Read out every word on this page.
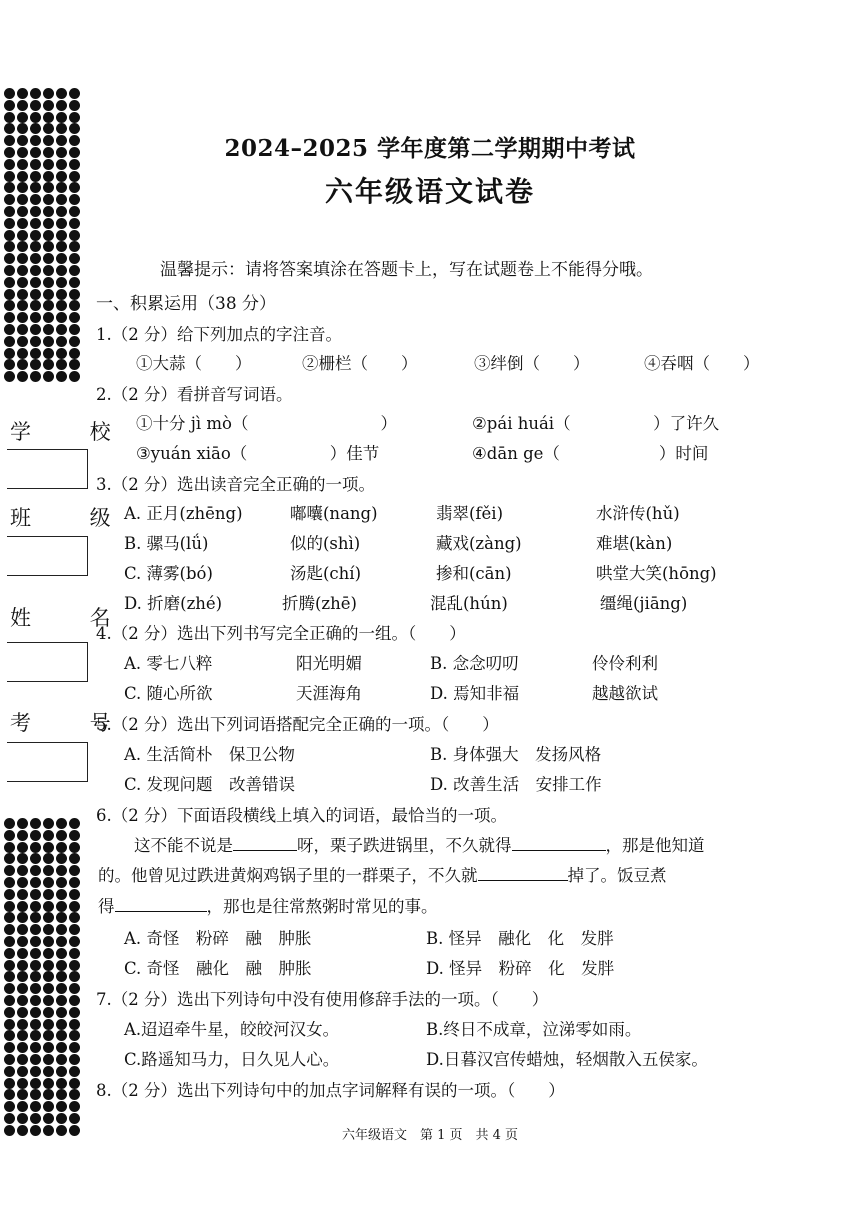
学 校
班 级
姓 名
考 号
2024–2025 学年度第二学期期中考试
六年级语文试卷
温馨提示：请将答案填涂在答题卡上，写在试题卷上不能得分哦。
一、积累运用（38 分）
1.（2 分）给下列加点的字注音。
①大蒜（　　）	②栅栏（　　）	③绊倒（　　）	④吞咽（　　）
2.（2 分）看拼音写词语。
①十分 jì mò（　　　　　　　　）	②pái huái（　　　　　）了许久
③yuán xiāo（　　　　　）佳节	④dān ge（　　　　　　）时间
3.（2 分）选出读音完全正确的一项。
A. 正月(zhēng)	嘟囔(nang)	翡翠(fěi)	水浒传(hǔ)
B. 骡马(lǘ)	似的(shì)	藏戏(zàng)	难堪(kàn)
C. 薄雾(bó)	汤匙(chí)	掺和(cān)	哄堂大笑(hōng)
D. 折磨(zhé)	折腾(zhē)	混乱(hún)	缰绳(jiāng)
4.（2 分）选出下列书写完全正确的一组。（　　）
A. 零七八粹	阳光明媚	B. 念念叨叨	伶伶利利
C. 随心所欲	天涯海角	D. 焉知非福	越越欲试
5.（2 分）选出下列词语搭配完全正确的一项。（　　）
A. 生活简朴　保卫公物	B. 身体强大　发扬风格
C. 发现问题　改善错误	D. 改善生活　安排工作
6.（2 分）下面语段横线上填入的词语，最恰当的一项。
这不能不说是	呀，栗子跌进锅里，不久就得	，那是他知道
的。他曾见过跌进黄焖鸡锅子里的一群栗子，不久就	掉了。饭豆煮
得	，那也是往常熬粥时常见的事。
A. 奇怪　粉碎　融　肿胀	B. 怪异　融化　化　发胖
C. 奇怪　融化　融　肿胀	D. 怪异　粉碎　化　发胖
7.（2 分）选出下列诗句中没有使用修辞手法的一项。（　　）
A.迢迢牵牛星，皎皎河汉女。	B.终日不成章，泣涕零如雨。
C.路遥知马力，日久见人心。	D.日暮汉宫传蜡烛，轻烟散入五侯家。
8.（2 分）选出下列诗句中的加点字词解释有误的一项。（　　）
六年级语文　第 1 页　共 4 页
